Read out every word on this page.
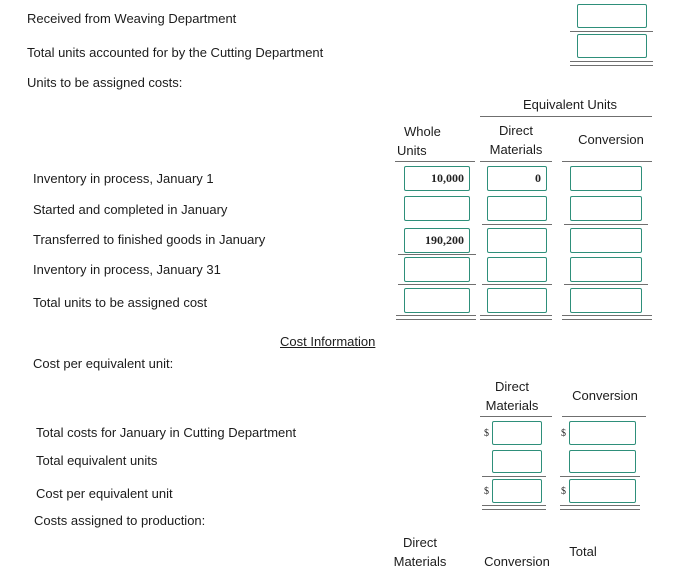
Received from Weaving Department
Total units accounted for by the Cutting Department
Units to be assigned costs:
Equivalent Units
Whole
Units
Direct
Materials
Conversion
Inventory in process, January 1
Started and completed in January
Transferred to finished goods in January
Inventory in process, January 31
Total units to be assigned cost
10,000
190,200
0
Cost Information
Cost per equivalent unit:
Direct
Materials
Conversion
Total costs for January in Cutting Department
Total equivalent units
Cost per equivalent unit
Costs assigned to production:
$
$
$
$
Direct
Materials	Conversion
Total
